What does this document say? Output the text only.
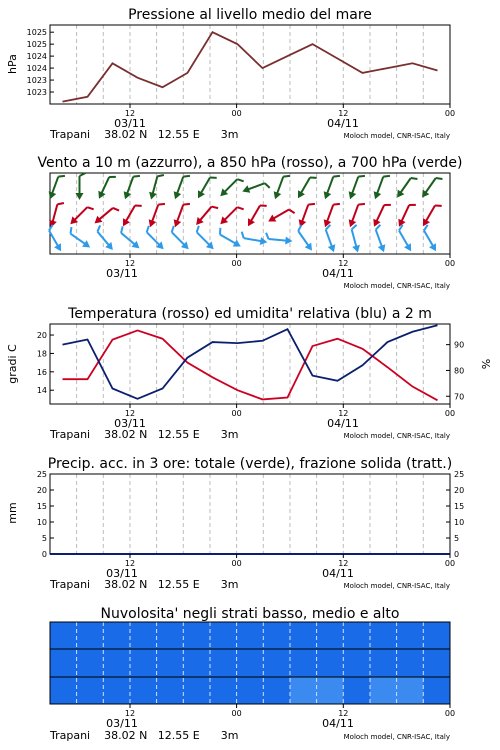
Pressione al livello medio del mare
hPa
1023
1023
1024
1024
1025
1025
12	00	12	00
03/11	04/11
Trapani    38.02 N   12.55 E      3m	Moloch model, CNR-ISAC, Italy
Vento a 10 m (azzurro), a 850 hPa (rosso), a 700 hPa (verde)
12	00	12	00
03/11	04/11
Moloch model, CNR-ISAC, Italy
Temperatura (rosso) ed umidita' relativa (blu) a 2 m
gradi C	%
14
16
18
20
70
80
90
12	00	12	00
03/11	04/11
Trapani    38.02 N   12.55 E      3m	Moloch model, CNR-ISAC, Italy
Precip. acc. in 3 ore: totale (verde), frazione solida (tratt.)
mm
0	0
5	5
10	10
15	15
20	20
25	25
12	00	12	00
03/11	04/11
Trapani    38.02 N   12.55 E      3m	Moloch model, CNR-ISAC, Italy
Nuvolosita' negli strati basso, medio e alto
12	00	12	00
03/11	04/11
Trapani    38.02 N   12.55 E      3m	Moloch model, CNR-ISAC, Italy
